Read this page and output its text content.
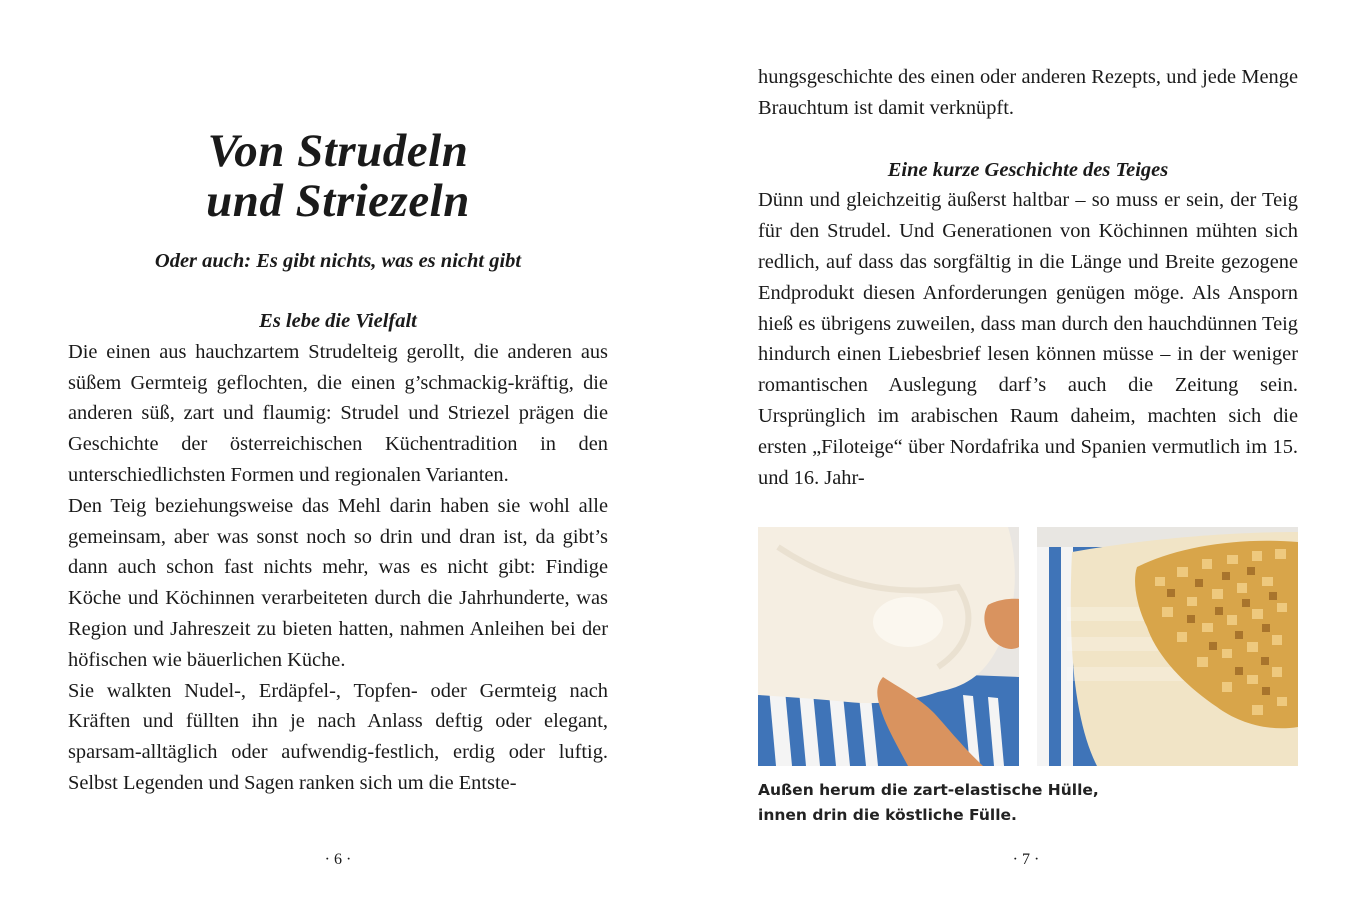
Von Strudeln
und Striezeln
Oder auch: Es gibt nichts, was es nicht gibt
Es lebe die Vielfalt

Die einen aus hauchzartem Strudelteig gerollt, die anderen aus süßem Germteig geflochten, die einen g’schmackig-kräftig, die anderen süß, zart und flaumig: Strudel und Striezel prägen die Geschichte der österreichischen Küchentradition in den unterschiedlichsten Formen und regionalen Varianten.

Den Teig beziehungsweise das Mehl darin haben sie wohl alle gemeinsam, aber was sonst noch so drin und dran ist, da gibt’s dann auch schon fast nichts mehr, was es nicht gibt: Findige Köche und Köchinnen verarbeiteten durch die Jahrhunderte, was Region und Jahreszeit zu bieten hatten, nahmen Anleihen bei der höfischen wie bäuerlichen Küche.

Sie walkten Nudel-, Erdäpfel-, Topfen- oder Germteig nach Kräften und füllten ihn je nach Anlass deftig oder elegant, sparsam-alltäglich oder aufwendig-festlich, erdig oder luftig. Selbst Legenden und Sagen ranken sich um die Entste-

· 6 ·

hungsgeschichte des einen oder anderen Rezepts, und jede Menge Brauchtum ist damit verknüpft.

Eine kurze Geschichte des Teiges

Dünn und gleichzeitig äußerst haltbar – so muss er sein, der Teig für den Strudel. Und Generationen von Köchinnen mühten sich redlich, auf dass das sorgfältig in die Länge und Breite gezogene Endprodukt diesen Anforderungen genügen möge. Als Ansporn hieß es übrigens zuweilen, dass man durch den hauchdünnen Teig hindurch einen Liebesbrief lesen können müsse – in der weniger romantischen Auslegung darf’s auch die Zeitung sein. Ursprünglich im arabischen Raum daheim, machten sich die ersten „Filoteige“ über Nordafrika und Spanien vermutlich im 15. und 16. Jahr-

Außen herum die zart-elastische Hülle,
innen drin die köstliche Fülle.
· 7 ·
